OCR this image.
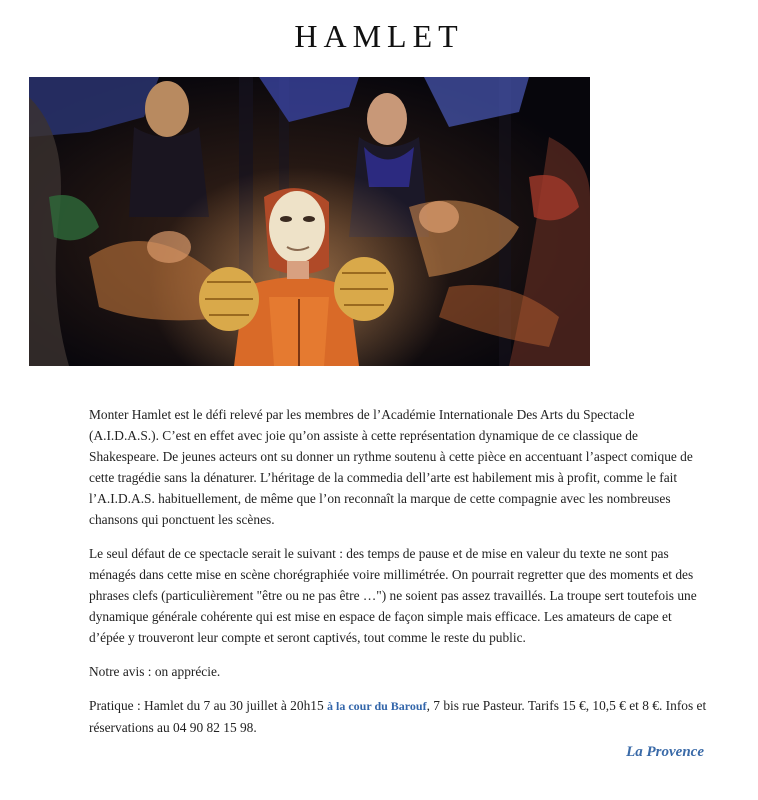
HAMLET

Monter Hamlet est le défi relevé par les membres de l’Académie Internationale Des Arts du Spectacle (A.I.D.A.S.). C’est en effet avec joie qu’on assiste à cette représentation dynamique de ce classique de Shakespeare. De jeunes acteurs ont su donner un rythme soutenu à cette pièce en accentuant l’aspect comique de cette tragédie sans la dénaturer. L’héritage de la commedia dell’arte est habilement mis à profit, comme le fait l’A.I.D.A.S. habituellement, de même que l’on reconnaît la marque de cette compagnie avec les nombreuses chansons qui ponctuent les scènes.

Le seul défaut de ce spectacle serait le suivant : des temps de pause et de mise en valeur du texte ne sont pas ménagés dans cette mise en scène chorégraphiée voire millimétrée. On pourrait regretter que des moments et des phrases clefs (particulièrement "être ou ne pas être …") ne soient pas assez travaillés. La troupe sert toutefois une dynamique générale cohérente qui est mise en espace de façon simple mais efficace. Les amateurs de cape et d’épée y trouveront leur compte et seront captivés, tout comme le reste du public.

Notre avis : on apprécie.

Pratique : Hamlet du 7 au 30 juillet à 20h15 à la cour du Barouf, 7 bis rue Pasteur. Tarifs 15 €, 10,5 € et 8 €. Infos et réservations au 04 90 82 15 98.

La Provence
